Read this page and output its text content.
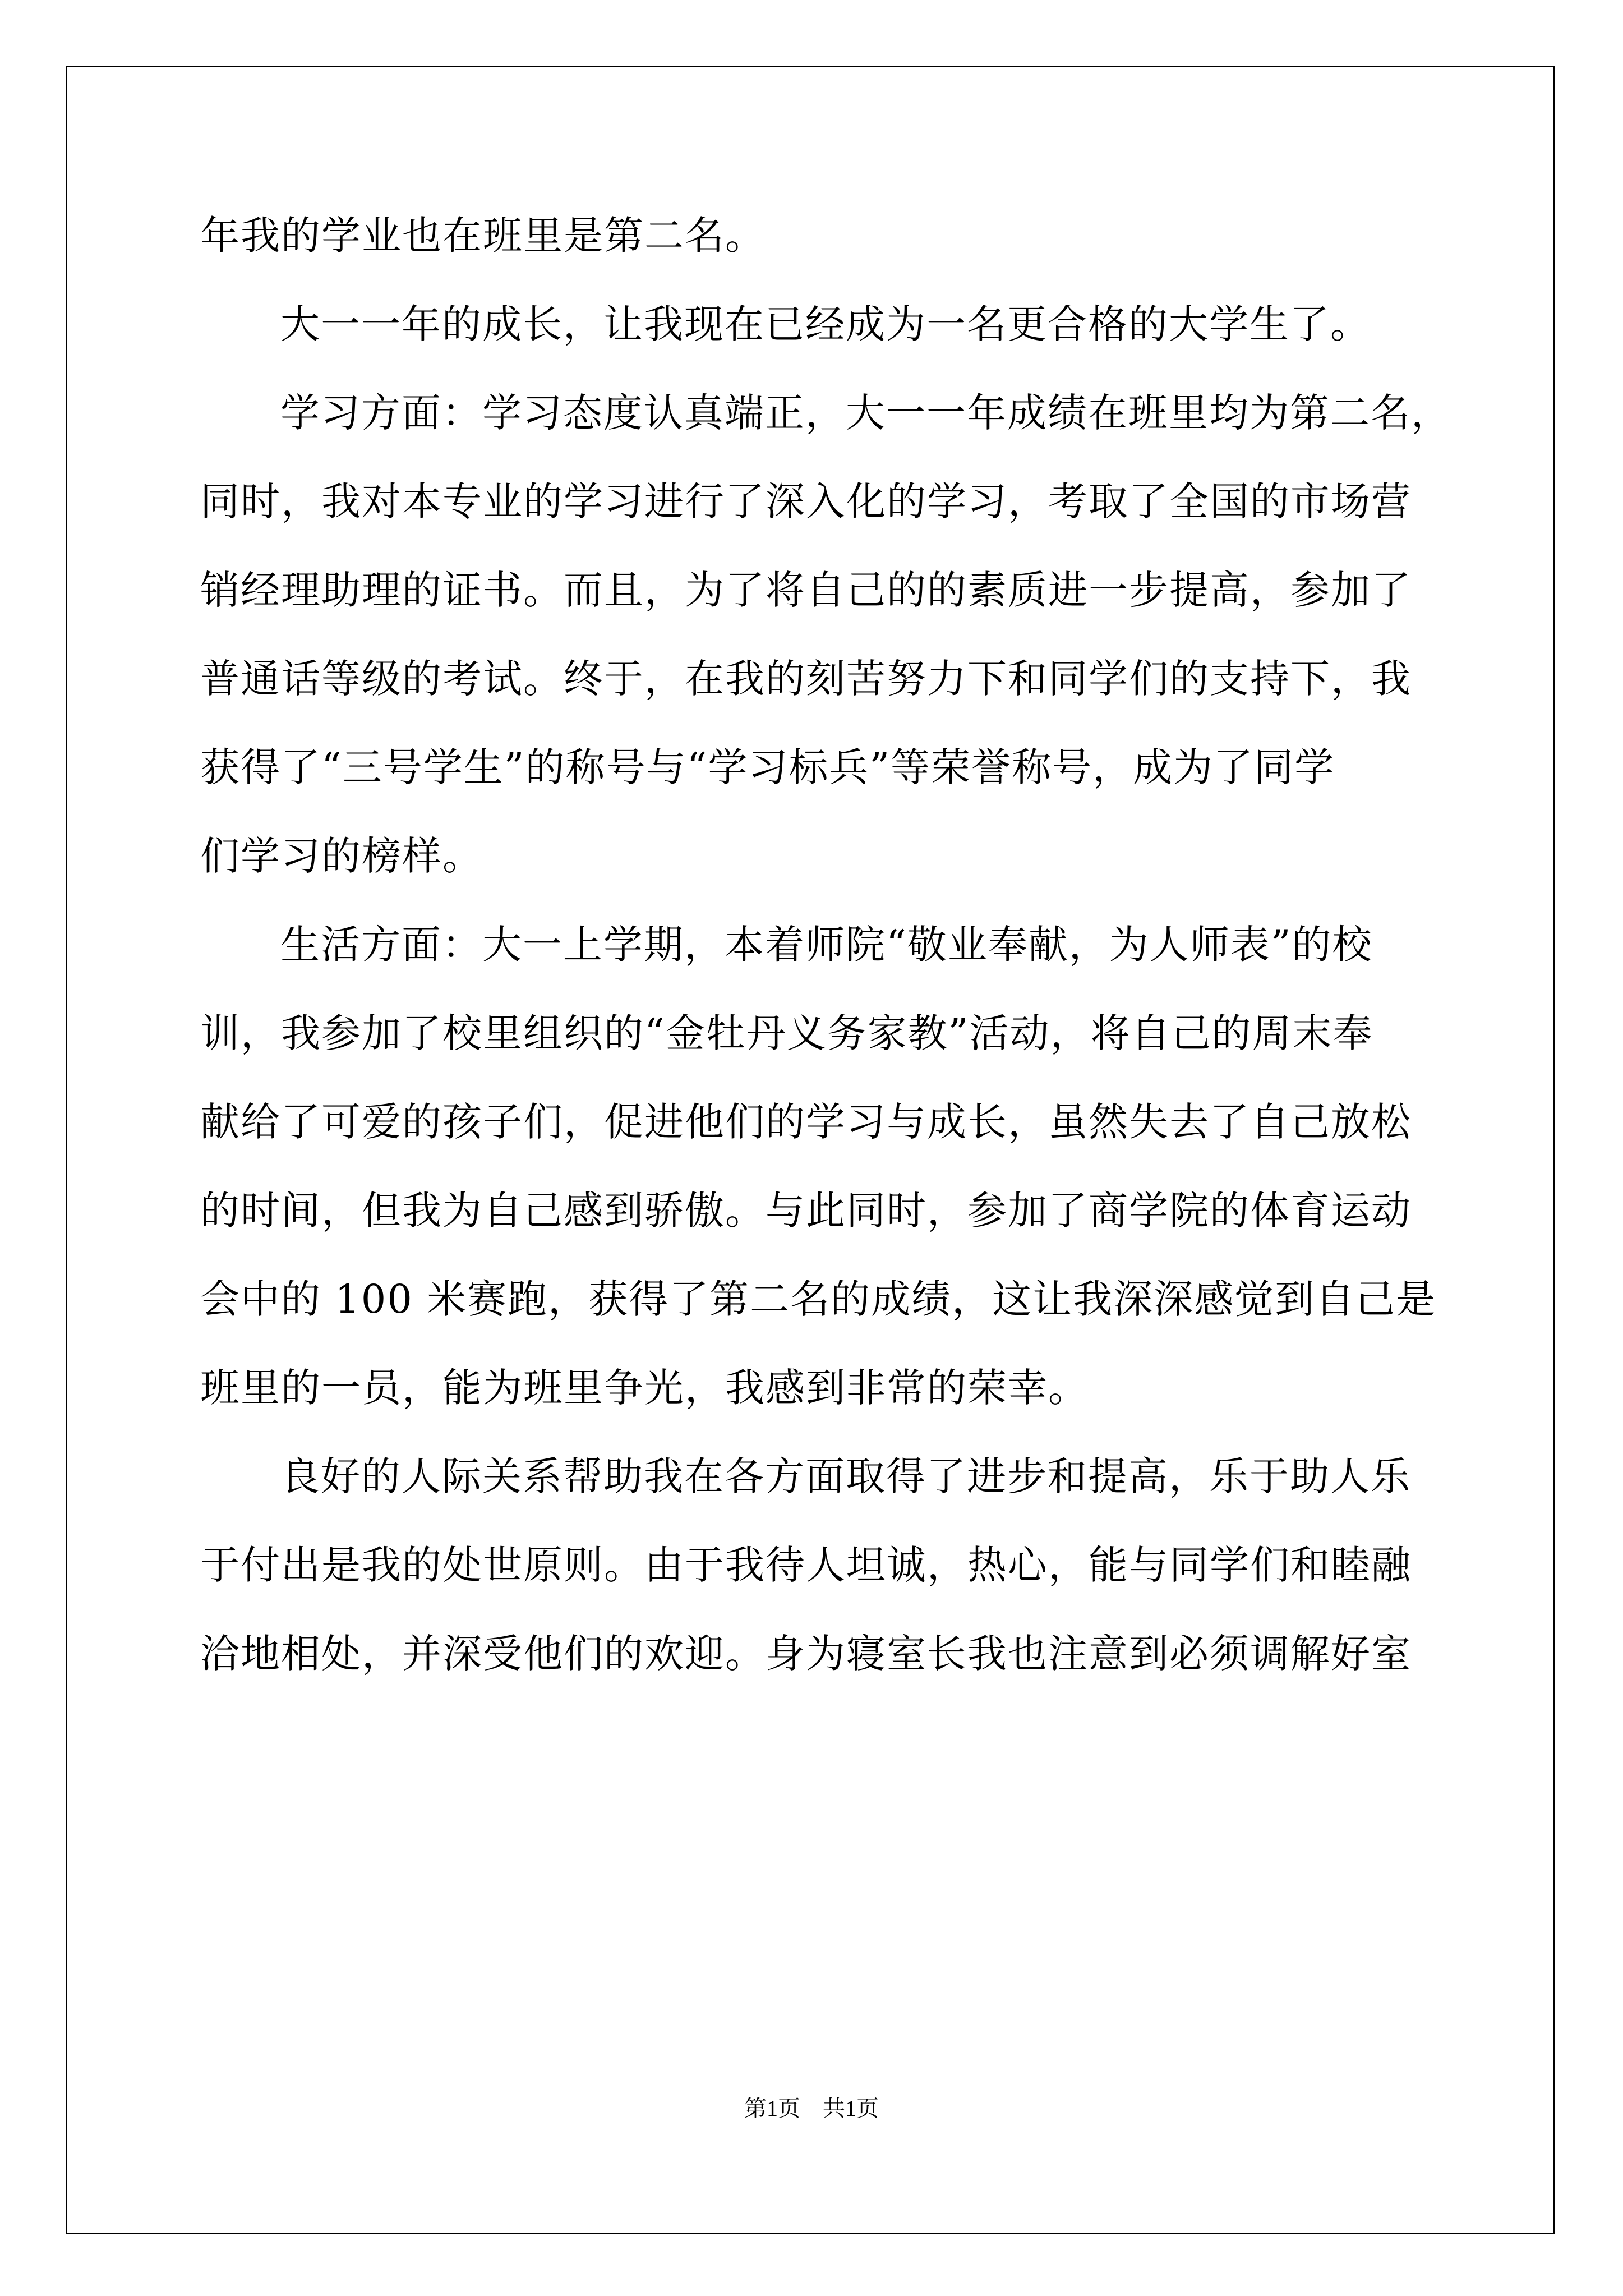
年我的学业也在班里是第二名。
大一一年的成长，让我现在已经成为一名更合格的大学生了。
学习方面：学习态度认真端正，大一一年成绩在班里均为第二名，
同时，我对本专业的学习进行了深入化的学习，考取了全国的市场营
销经理助理的证书。而且，为了将自己的的素质进一步提高，参加了
普通话等级的考试。终于，在我的刻苦努力下和同学们的支持下，我
获得了“三号学生”的称号与“学习标兵”等荣誉称号，成为了同学
们学习的榜样。
生活方面：大一上学期，本着师院“敬业奉献，为人师表”的校
训，我参加了校里组织的“金牡丹义务家教”活动，将自己的周末奉
献给了可爱的孩子们，促进他们的学习与成长，虽然失去了自己放松
的时间，但我为自己感到骄傲。与此同时，参加了商学院的体育运动
会中的 100 米赛跑，获得了第二名的成绩，这让我深深感觉到自己是
班里的一员，能为班里争光，我感到非常的荣幸。
良好的人际关系帮助我在各方面取得了进步和提高，乐于助人乐
于付出是我的处世原则。由于我待人坦诚，热心，能与同学们和睦融
洽地相处，并深受他们的欢迎。身为寝室长我也注意到必须调解好室
第1页 共1页
